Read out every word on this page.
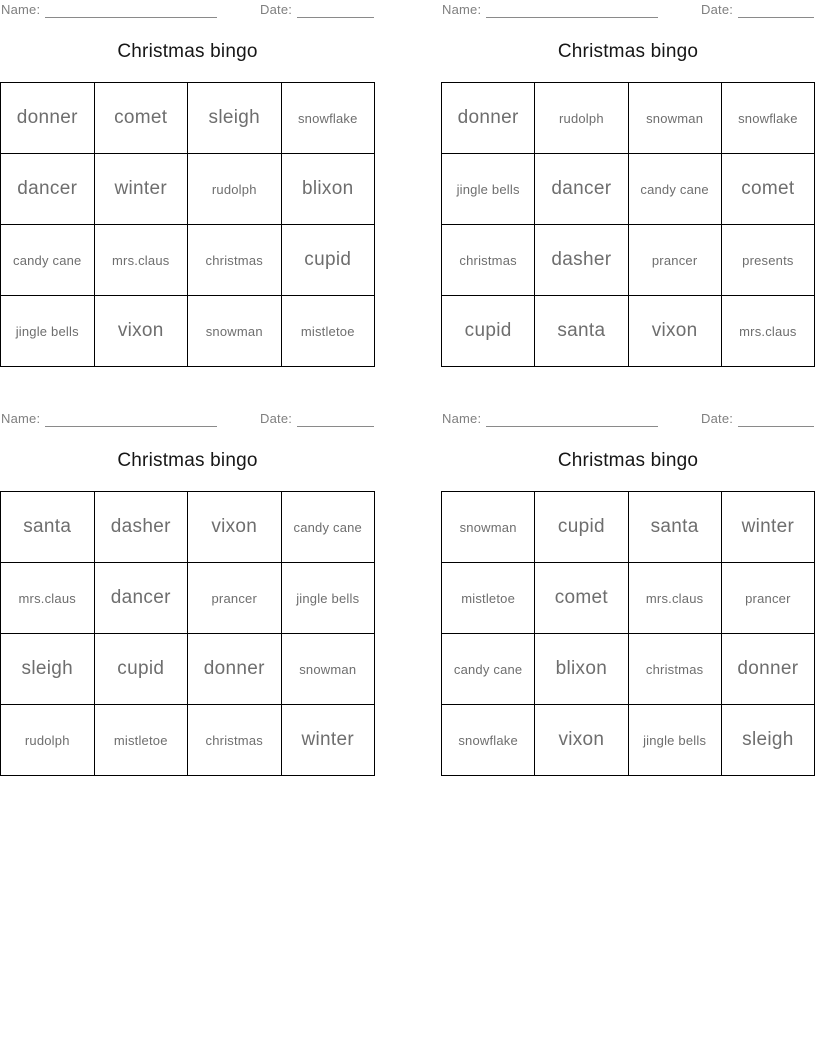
Name:	Date:
Christmas bingo
donner	comet	sleigh	snowflake
dancer	winter	rudolph	blixon
candy cane	mrs.claus	christmas	cupid
jingle bells	vixon	snowman	mistletoe
Name:	Date:
Christmas bingo
donner	rudolph	snowman	snowflake
jingle bells	dancer	candy cane	comet
christmas	dasher	prancer	presents
cupid	santa	vixon	mrs.claus
Name:	Date:
Christmas bingo
santa	dasher	vixon	candy cane
mrs.claus	dancer	prancer	jingle bells
sleigh	cupid	donner	snowman
rudolph	mistletoe	christmas	winter
Name:	Date:
Christmas bingo
snowman	cupid	santa	winter
mistletoe	comet	mrs.claus	prancer
candy cane	blixon	christmas	donner
snowflake	vixon	jingle bells	sleigh
